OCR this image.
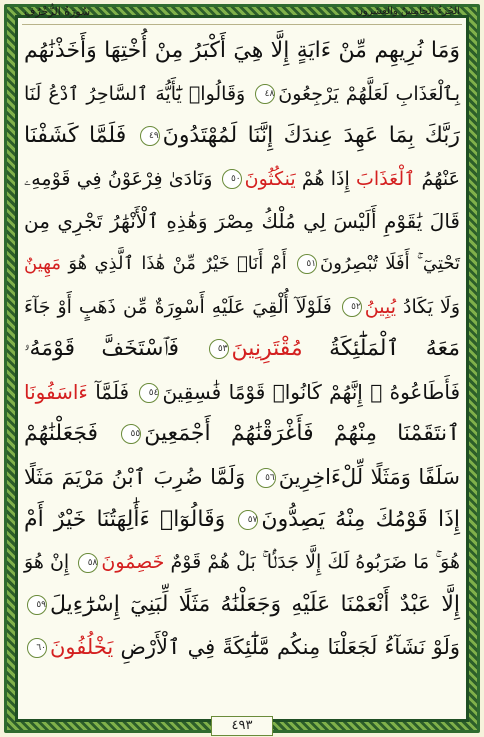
سُورَةُ الزُّخْرُفِ	الجُزءُ الخامِسُ والعِشرون
وَمَا نُرِيهِم مِّنْ ءَايَةٍ إِلَّا هِيَ أَكْبَرُ مِنْ أُخْتِهَا وَأَخَذْنَٰهُم
بِٱلْعَذَابِ لَعَلَّهُمْ يَرْجِعُونَ٤٨ وَقَالُوا۟ يَٰٓأَيُّهَ ٱلسَّاحِرُ ٱدْعُ لَنَا
رَبَّكَ بِمَا عَهِدَ عِندَكَ إِنَّنَا لَمُهْتَدُونَ٤٩ فَلَمَّا كَشَفْنَا
عَنْهُمُ ٱلْعَذَابَ إِذَا هُمْ يَنكُثُونَ٥٠ وَنَادَىٰ فِرْعَوْنُ فِي قَوْمِهِۦ
قَالَ يَٰقَوْمِ أَلَيْسَ لِي مُلْكُ مِصْرَ وَهَٰذِهِ ٱلْأَنْهَٰرُ تَجْرِي مِن
تَحْتِيٓ ۚ أَفَلَا تُبْصِرُونَ٥١ أَمْ أَنَا۠ خَيْرٌ مِّنْ هَٰذَا ٱلَّذِي هُوَ مَهِينٌ
وَلَا يَكَادُ يُبِينُ٥٢ فَلَوْلَآ أُلْقِيَ عَلَيْهِ أَسْوِرَةٌ مِّن ذَهَبٍ أَوْ جَآءَ
مَعَهُ ٱلْمَلَٰٓئِكَةُ مُقْتَرِنِينَ٥٣ فَٱسْتَخَفَّ قَوْمَهُۥ
فَأَطَاعُوهُ ۚ إِنَّهُمْ كَانُوا۟ قَوْمًا فَٰسِقِينَ٥٤ فَلَمَّآ ءَاسَفُونَا
ٱنتَقَمْنَا مِنْهُمْ فَأَغْرَقْنَٰهُمْ أَجْمَعِينَ٥٥ فَجَعَلْنَٰهُمْ
سَلَفًا وَمَثَلًا لِّلْءَاخِرِينَ٥٦ وَلَمَّا ضُرِبَ ٱبْنُ مَرْيَمَ مَثَلًا
إِذَا قَوْمُكَ مِنْهُ يَصِدُّونَ٥٧ وَقَالُوٓا۟ ءَأَٰلِهَتُنَا خَيْرٌ أَمْ
هُوَ ۚ مَا ضَرَبُوهُ لَكَ إِلَّا جَدَلًۢا ۚ بَلْ هُمْ قَوْمٌ خَصِمُونَ٥٨ إِنْ هُوَ
إِلَّا عَبْدٌ أَنْعَمْنَا عَلَيْهِ وَجَعَلْنَٰهُ مَثَلًا لِّبَنِيٓ إِسْرَٰٓءِيلَ٥٩
وَلَوْ نَشَآءُ لَجَعَلْنَا مِنكُم مَّلَٰٓئِكَةً فِي ٱلْأَرْضِ يَخْلُفُونَ٦٠
٤٩٣
